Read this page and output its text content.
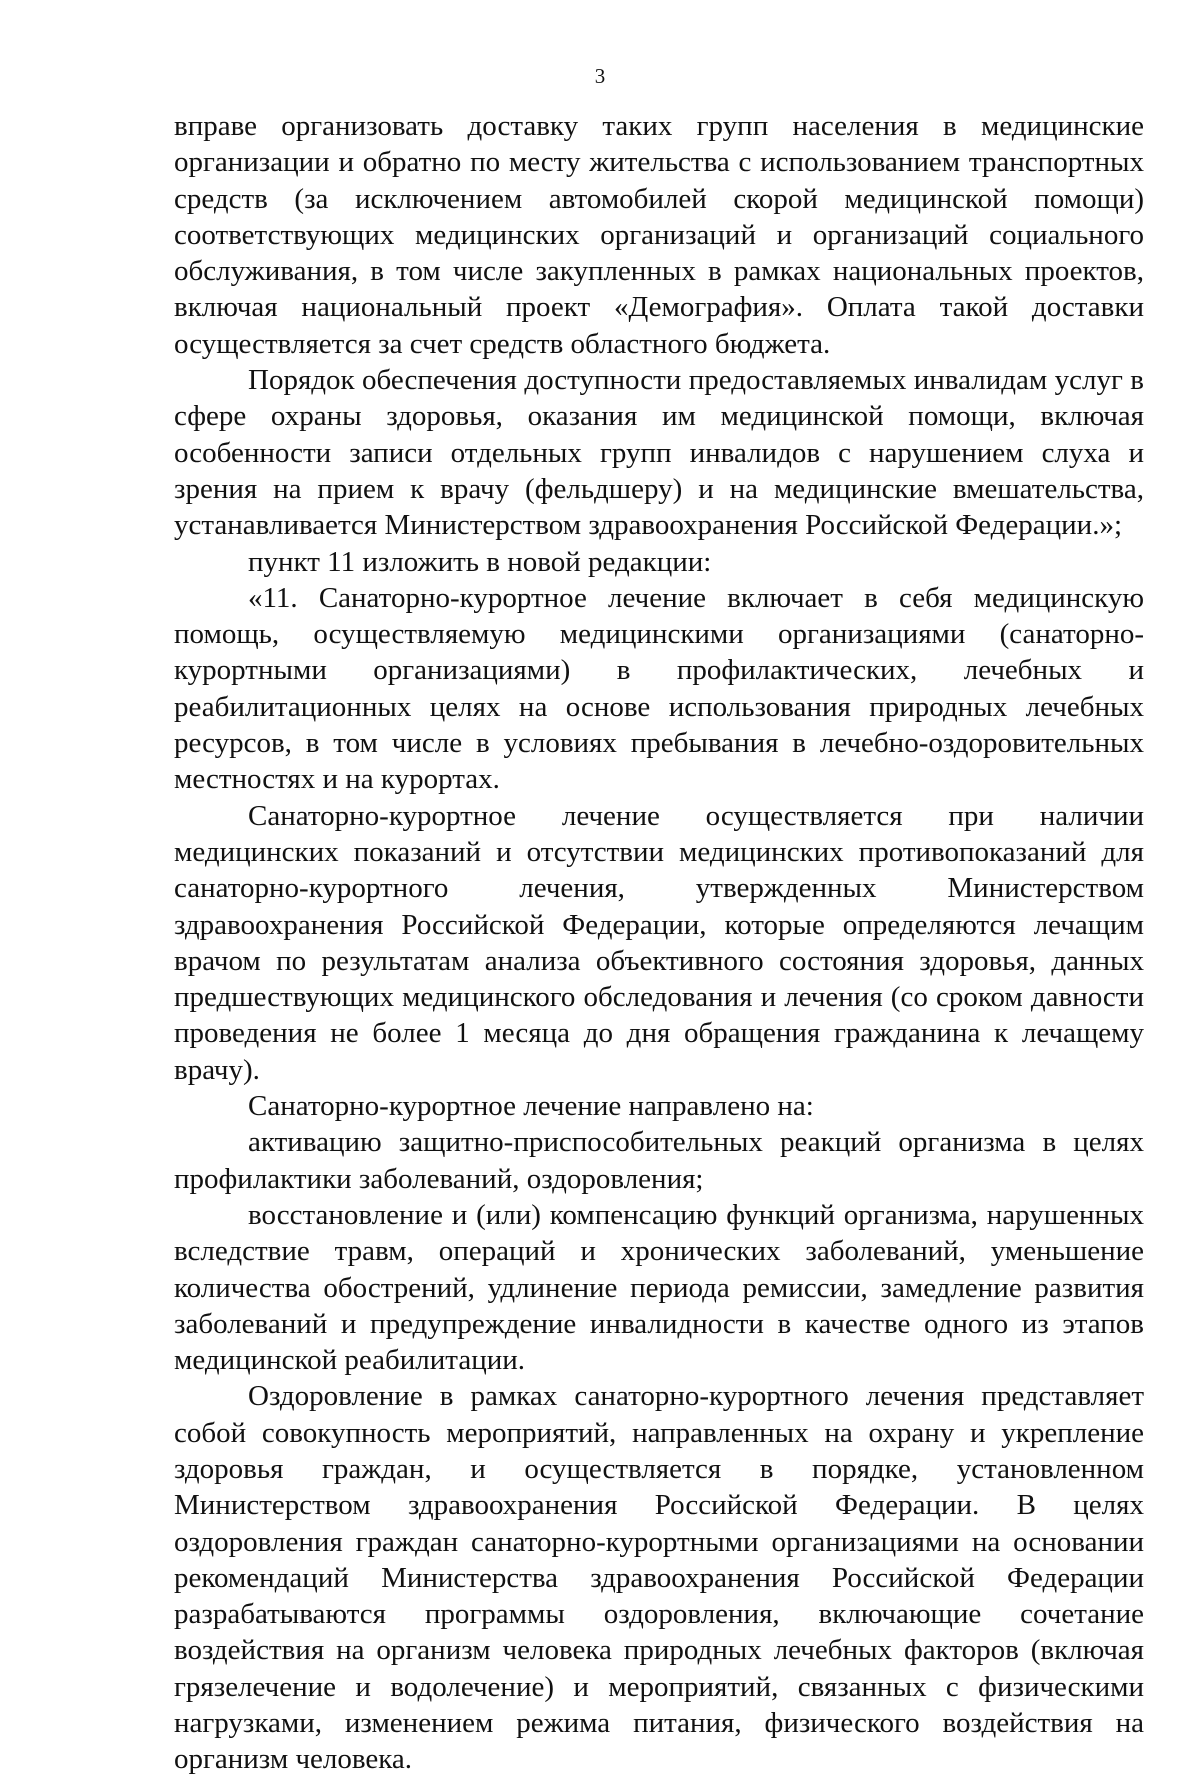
3

вправе организовать доставку таких групп населения в медицинские организации и обратно по месту жительства с использованием транспортных средств (за исключением автомобилей скорой медицинской помощи) соответствующих медицинских организаций и организаций социального обслуживания, в том числе закупленных в рамках национальных проектов, включая национальный проект «Демография». Оплата такой доставки осуществляется за счет средств областного бюджета.

Порядок обеспечения доступности предоставляемых инвалидам услуг в сфере охраны здоровья, оказания им медицинской помощи, включая особенности записи отдельных групп инвалидов с нарушением слуха и зрения на прием к врачу (фельдшеру) и на медицинские вмешательства, устанавливается Министерством здравоохранения Российской Федерации.»;

пункт 11 изложить в новой редакции:

«11. Санаторно-курортное лечение включает в себя медицинскую помощь, осуществляемую медицинскими организациями (санаторно-курортными организациями) в профилактических, лечебных и реабилитационных целях на основе использования природных лечебных ресурсов, в том числе в условиях пребывания в лечебно-оздоровительных местностях и на курортах.

Санаторно-курортное лечение осуществляется при наличии медицинских показаний и отсутствии медицинских противопоказаний для санаторно-курортного лечения, утвержденных Министерством здравоохранения Российской Федерации, которые определяются лечащим врачом по результатам анализа объективного состояния здоровья, данных предшествующих медицинского обследования и лечения (со сроком давности проведения не более 1 месяца до дня обращения гражданина к лечащему врачу).

Санаторно-курортное лечение направлено на:

активацию защитно-приспособительных реакций организма в целях профилактики заболеваний, оздоровления;

восстановление и (или) компенсацию функций организма, нарушенных вследствие травм, операций и хронических заболеваний, уменьшение количества обострений, удлинение периода ремиссии, замедление развития заболеваний и предупреждение инвалидности в качестве одного из этапов медицинской реабилитации.

Оздоровление в рамках санаторно-курортного лечения представляет собой совокупность мероприятий, направленных на охрану и укрепление здоровья граждан, и осуществляется в порядке, установленном Министерством здравоохранения Российской Федерации. В целях оздоровления граждан санаторно-курортными организациями на основании рекомендаций Министерства здравоохранения Российской Федерации разрабатываются программы оздоровления, включающие сочетание воздействия на организм человека природных лечебных факторов (включая грязелечение и водолечение) и мероприятий, связанных с физическими нагрузками, изменением режима питания, физического воздействия на организм человека.
